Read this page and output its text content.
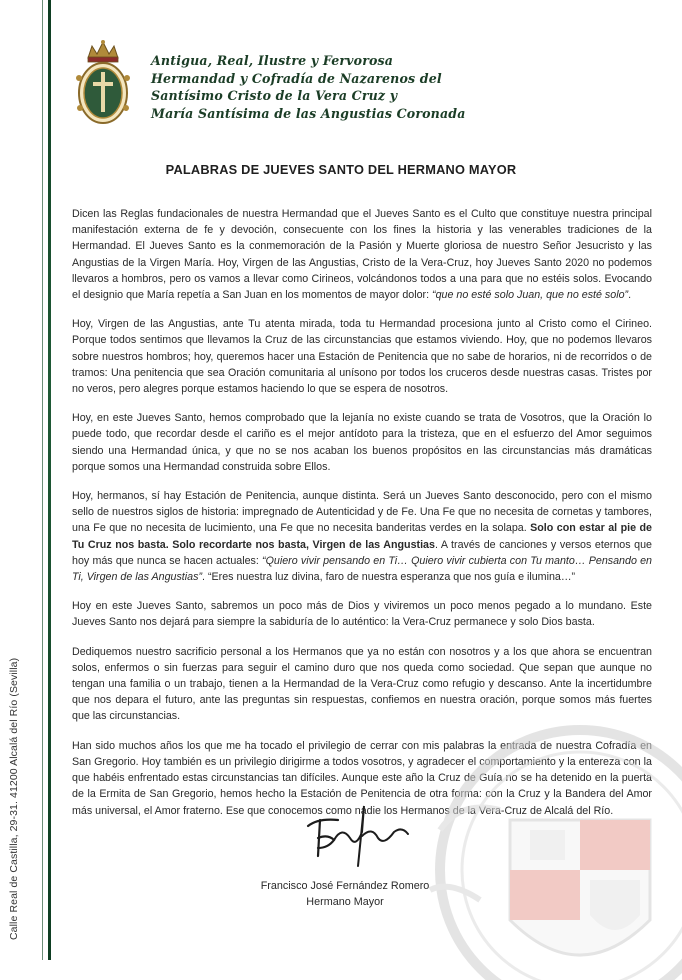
Calle Real de Castilla, 29-31. 41200 Alcalá del Río (Sevilla)
Antigua, Real, Ilustre y Fervorosa
Hermandad y Cofradía de Nazarenos del
Santísimo Cristo de la Vera Cruz y
María Santísima de las Angustias Coronada
PALABRAS DE JUEVES SANTO DEL HERMANO MAYOR

Dicen las Reglas fundacionales de nuestra Hermandad que el Jueves Santo es el Culto que constituye nuestra principal manifestación externa de fe y devoción, consecuente con los fines la historia y las venerables tradiciones de la Hermandad. El Jueves Santo es la conmemoración de la Pasión y Muerte gloriosa de nuestro Señor Jesucristo y las Angustias de la Virgen María. Hoy, Virgen de las Angustias, Cristo de la Vera-Cruz, hoy Jueves Santo 2020 no podemos llevaros a hombros, pero os vamos a llevar como Cirineos, volcándonos todos a una para que no estéis solos. Evocando el designio que María repetía a San Juan en los momentos de mayor dolor: “que no esté solo Juan, que no esté solo”.

Hoy, Virgen de las Angustias, ante Tu atenta mirada, toda tu Hermandad procesiona junto al Cristo como el Cirineo. Porque todos sentimos que llevamos la Cruz de las circunstancias que estamos viviendo. Hoy, que no podemos llevaros sobre nuestros hombros; hoy, queremos hacer una Estación de Penitencia que no sabe de horarios, ni de recorridos o de tramos: Una penitencia que sea Oración comunitaria al unísono por todos los cruceros desde nuestras casas. Tristes por no veros, pero alegres porque estamos haciendo lo que se espera de nosotros.

Hoy, en este Jueves Santo, hemos comprobado que la lejanía no existe cuando se trata de Vosotros, que la Oración lo puede todo, que recordar desde el cariño es el mejor antídoto para la tristeza, que en el esfuerzo del Amor seguimos siendo una Hermandad única, y que no se nos acaban los buenos propósitos en las circunstancias más dramáticas porque somos una Hermandad construida sobre Ellos.

Hoy, hermanos, sí hay Estación de Penitencia, aunque distinta. Será un Jueves Santo desconocido, pero con el mismo sello de nuestros siglos de historia: impregnado de Autenticidad y de Fe. Una Fe que no necesita de cornetas y tambores, una Fe que no necesita de lucimiento, una Fe que no necesita banderitas verdes en la solapa. Solo con estar al pie de Tu Cruz nos basta. Solo recordarte nos basta, Virgen de las Angustias. A través de canciones y versos eternos que hoy más que nunca se hacen actuales: “Quiero vivir pensando en Ti… Quiero vivir cubierta con Tu manto… Pensando en Ti, Virgen de las Angustias”. “Eres nuestra luz divina, faro de nuestra esperanza que nos guía e ilumina…”

Hoy en este Jueves Santo, sabremos un poco más de Dios y viviremos un poco menos pegado a lo mundano. Este Jueves Santo nos dejará para siempre la sabiduría de lo auténtico: la Vera-Cruz permanece y solo Dios basta.

Dediquemos nuestro sacrificio personal a los Hermanos que ya no están con nosotros y a los que ahora se encuentran solos, enfermos o sin fuerzas para seguir el camino duro que nos queda como sociedad. Que sepan que aunque no tengan una familia o un trabajo, tienen a la Hermandad de la Vera-Cruz como refugio y descanso. Ante la incertidumbre que nos depara el futuro, ante las preguntas sin respuestas, confiemos en nuestra oración, porque somos más fuertes que las circunstancias.

Han sido muchos años los que me ha tocado el privilegio de cerrar con mis palabras la entrada de nuestra Cofradía en San Gregorio. Hoy también es un privilegio dirigirme a todos vosotros, y agradecer el comportamiento y la entereza con la que habéis enfrentado estas circunstancias tan difíciles. Aunque este año la Cruz de Guía no se ha detenido en la puerta de la Ermita de San Gregorio, hemos hecho la Estación de Penitencia de otra forma: con la Cruz y la Bandera del Amor más universal, el Amor fraterno. Ese que conocemos como nadie los Hermanos de la Vera-Cruz de Alcalá del Río.

Francisco José Fernández Romero
Hermano Mayor
